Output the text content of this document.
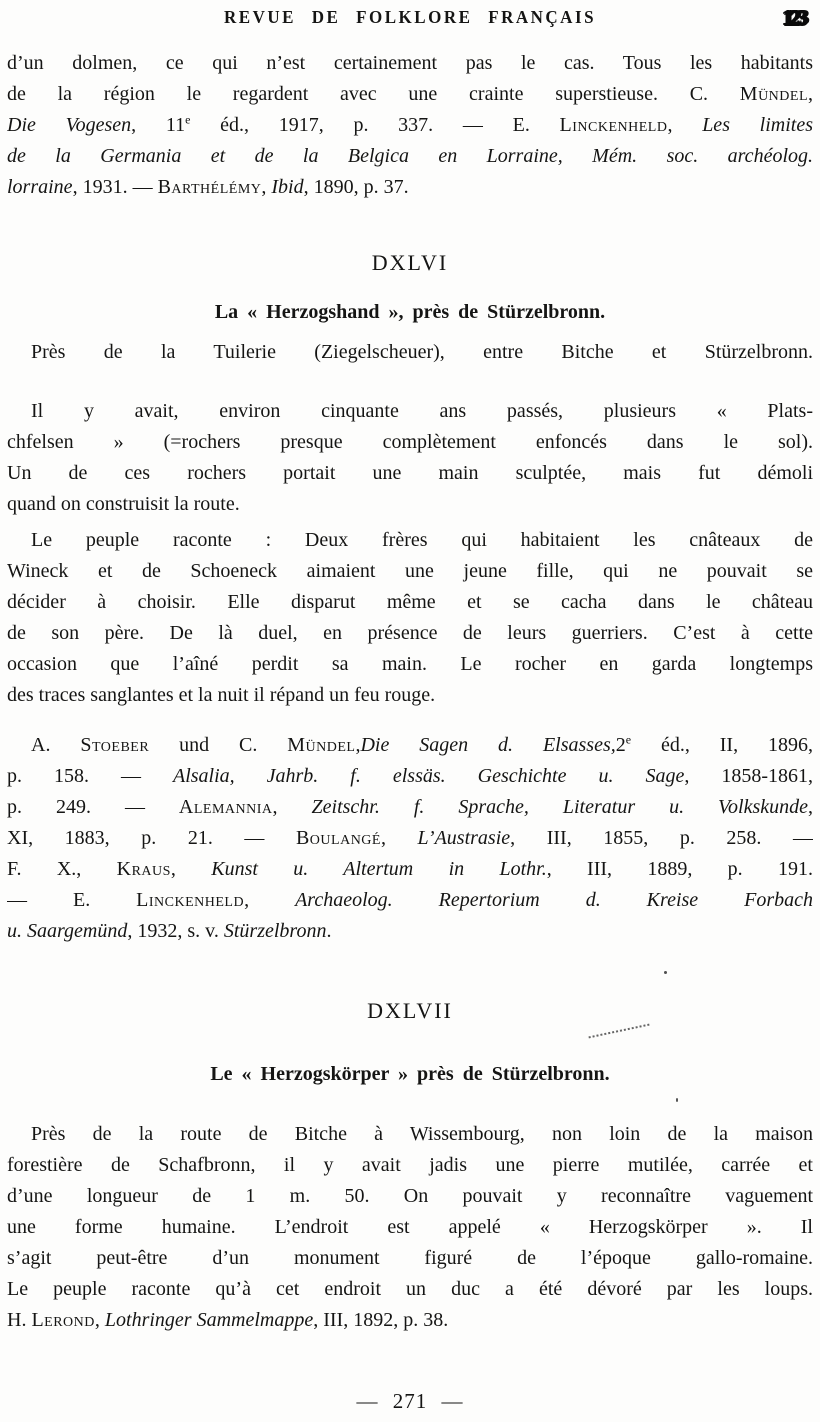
REVUE DE FOLKLORE FRANÇAIS	123
d’un dolmen, ce qui n’est certainement pas le cas. Tous les habitants
de la région le regardent avec une crainte superstieuse. C. Mündel,
Die Vogesen, 11e éd., 1917, p. 337. — E. Linckenheld, Les limites
de la Germania et de la Belgica en Lorraine, Mém. soc. archéolog.
lorraine, 1931. — Barthélémy, Ibid, 1890, p. 37.
DXLVI
La « Herzogshand », près de Stürzelbronn.
Près de la Tuilerie (Ziegelscheuer), entre Bitche et Stürzelbronn.
Il y avait, environ cinquante ans passés, plusieurs « Plats-
chfelsen » (=rochers presque complètement enfoncés dans le sol).
Un de ces rochers portait une main sculptée, mais fut démoli
quand on construisit la route.
Le peuple raconte : Deux frères qui habitaient les cnâteaux de
Wineck et de Schoeneck aimaient une jeune fille, qui ne pouvait se
décider à choisir. Elle disparut même et se cacha dans le château
de son père. De là duel, en présence de leurs guerriers. C’est à cette
occasion que l’aîné perdit sa main. Le rocher en garda longtemps
des traces sanglantes et la nuit il répand un feu rouge.
A. Stoeber und C. Mündel,Die Sagen d. Elsasses,2e éd., II, 1896,
p. 158. — Alsalia, Jahrb. f. elssäs. Geschichte u. Sage, 1858-1861,
p. 249. — Alemannia, Zeitschr. f. Sprache, Literatur u. Volkskunde,
XI, 1883, p. 21. — Boulangé, L’Austrasie, III, 1855, p. 258. —
F. X., Kraus, Kunst u. Altertum in Lothr., III, 1889, p. 191.
— E. Linckenheld, Archaeolog. Repertorium d. Kreise Forbach
u. Saargemünd, 1932, s. v. Stürzelbronn.
DXLVII
Le « Herzogskörper » près de Stürzelbronn.
Près de la route de Bitche à Wissembourg, non loin de la maison
forestière de Schafbronn, il y avait jadis une pierre mutilée, carrée et
d’une longueur de 1 m. 50. On pouvait y reconnaître vaguement
une forme humaine. L’endroit est appelé « Herzogskörper ». Il
s’agit peut-être d’un monument figuré de l’époque gallo-romaine.
Le peuple raconte qu’à cet endroit un duc a été dévoré par les loups.
H. Lerond, Lothringer Sammelmappe, III, 1892, p. 38.
— 271 —
